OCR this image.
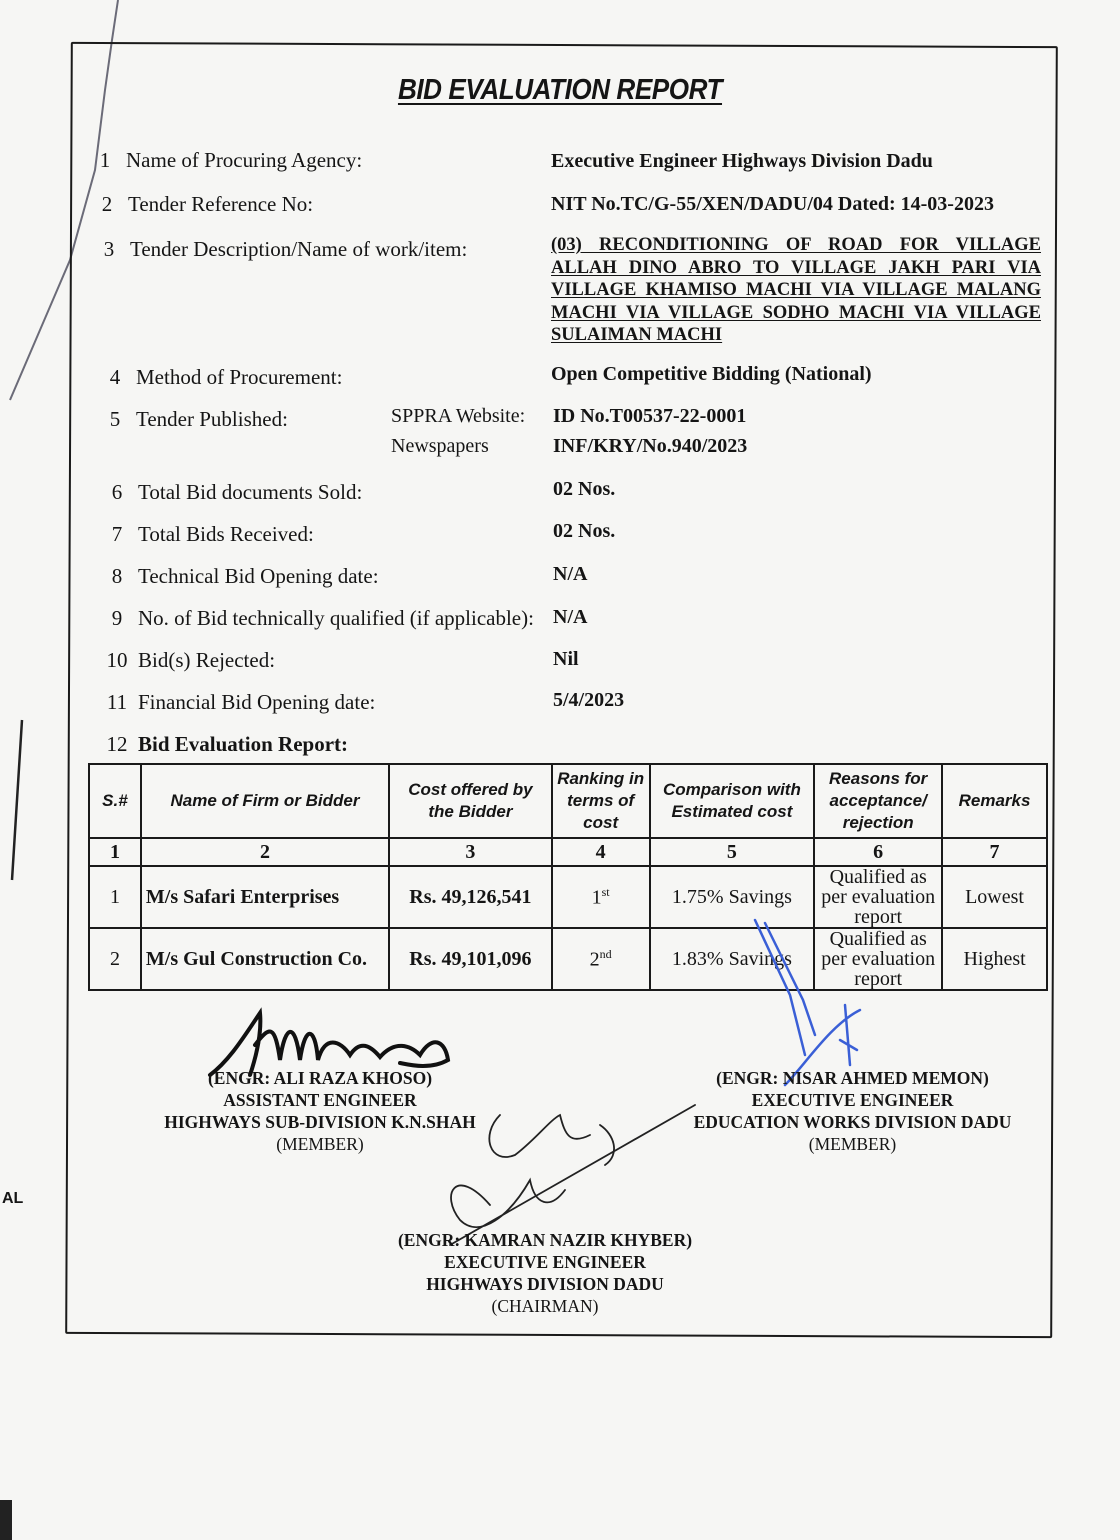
BID EVALUATION REPORT
1 Name of Procuring Agency:	Executive Engineer Highways Division Dadu
2 Tender Reference No:	NIT No.TC/G-55/XEN/DADU/04 Dated: 14-03-2023
3 Tender Description/Name of work/item:	(03) RECONDITIONING OF ROAD FOR VILLAGE ALLAH DINO ABRO TO VILLAGE JAKH PARI VIA VILLAGE KHAMISO MACHI VIA VILLAGE MALANG MACHI VIA VILLAGE SODHO MACHI VIA VILLAGE SULAIMAN MACHI
4 Method of Procurement:	Open Competitive Bidding (National)
5 Tender Published:	SPPRA Website: ID No.T00537-22-0001
Newspapers	INF/KRY/No.940/2023
6 Total Bid documents Sold:	02 Nos.
7 Total Bids Received:	02 Nos.
8 Technical Bid Opening date:	N/A
9 No. of Bid technically qualified (if applicable): N/A
10 Bid(s) Rejected:	Nil
11 Financial Bid Opening date:	5/4/2023
12 Bid Evaluation Report:
S.#	Name of Firm or Bidder	Cost offered by the Bidder	Ranking in terms of cost	Comparison with Estimated cost	Reasons for acceptance/ rejection	Remarks
1	2	3	4	5	6	7
1	M/s Safari Enterprises	Rs. 49,126,541	1st	1.75% Savings	Qualified as per evaluation report	Lowest
2	M/s Gul Construction Co.	Rs. 49,101,096	2nd	1.83% Savings	Qualified as per evaluation report	Highest
(ENGR: ALI RAZA KHOSO)
ASSISTANT ENGINEER
HIGHWAYS SUB-DIVISION K.N.SHAH
(MEMBER)
(ENGR: NISAR AHMED MEMON)
EXECUTIVE ENGINEER
EDUCATION WORKS DIVISION DADU
(MEMBER)
(ENGR: KAMRAN NAZIR KHYBER)
EXECUTIVE ENGINEER
HIGHWAYS DIVISION DADU
(CHAIRMAN)
AL
